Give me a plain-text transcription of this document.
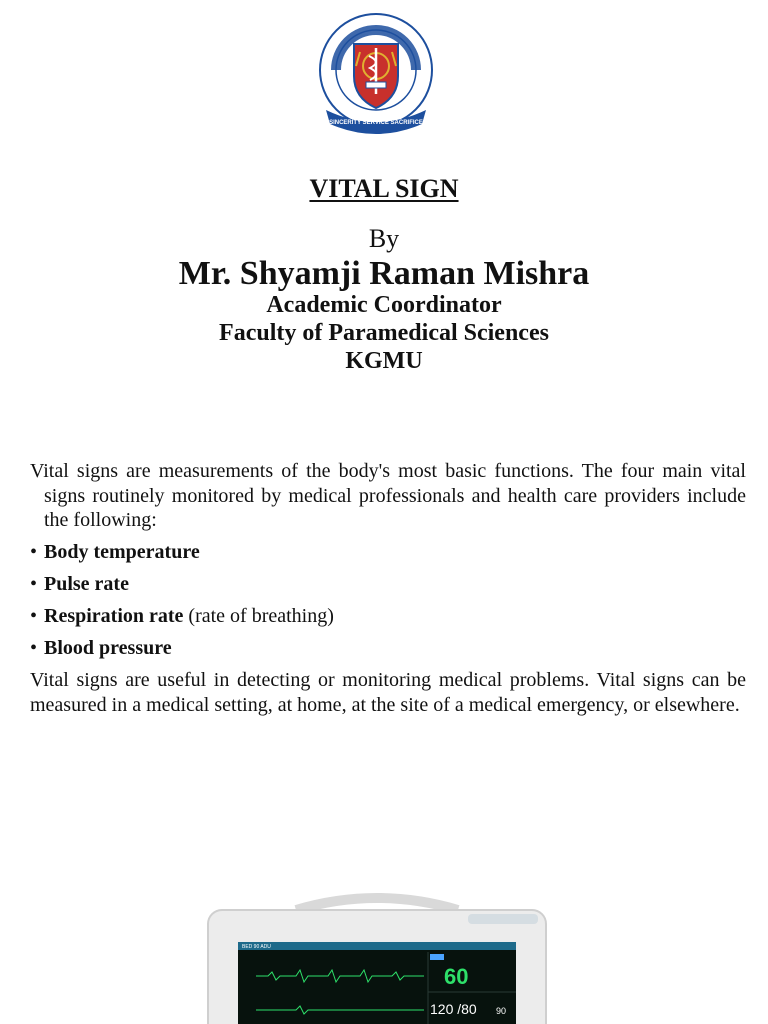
SINCERITY SERVICE SACRIFICE
VITAL SIGN
By
Mr. Shyamji Raman Mishra
Academic Coordinator
Faculty of Paramedical Sciences
KGMU
Vital signs are measurements of the body's most basic functions. The four main vital signs routinely monitored by medical professionals and health care providers include the following:
• Body temperature
• Pulse rate
• Respiration rate (rate of breathing)
• Blood pressure
Vital signs are useful in detecting or monitoring medical problems. Vital signs can be measured in a medical setting, at home, at the site of a medical emergency, or elsewhere.
BED 90 ADU
60
120 /80 90
